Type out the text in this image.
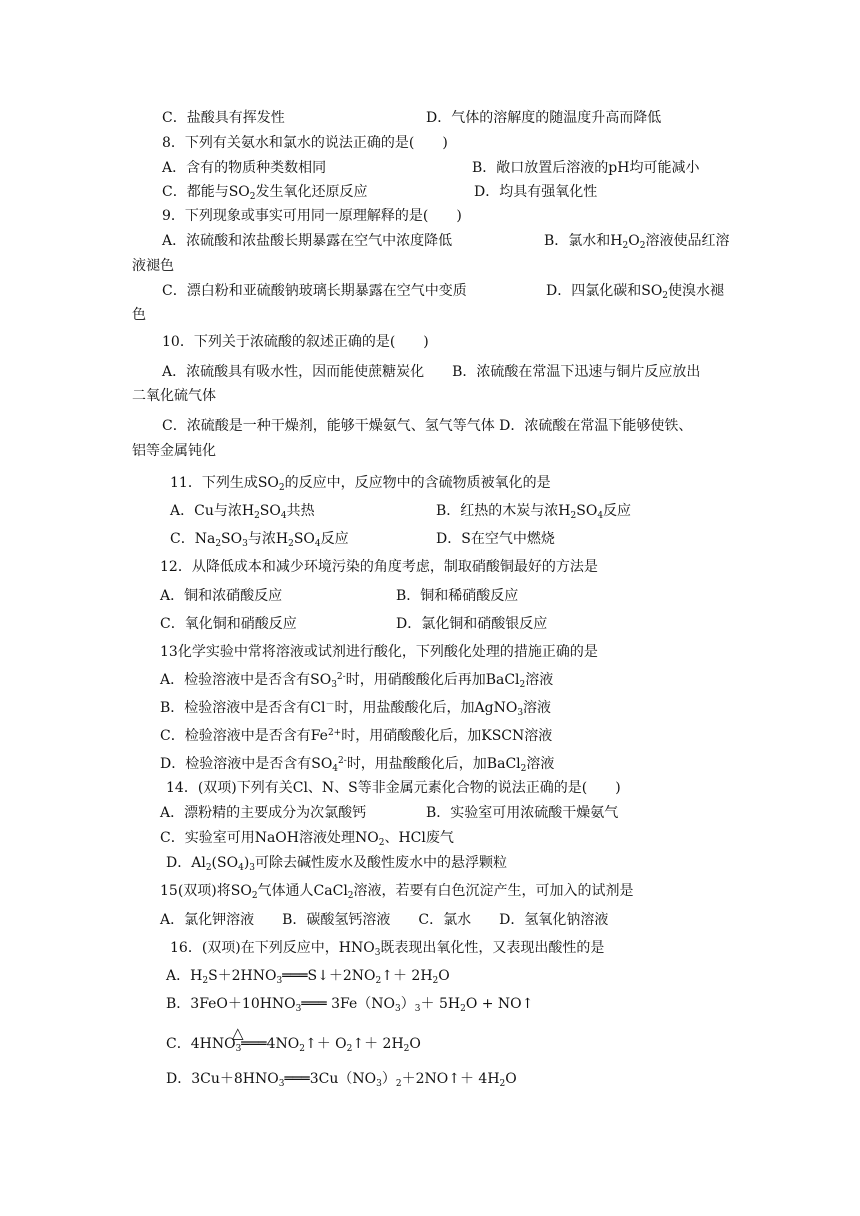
C．盐酸具有挥发性	D．气体的溶解度的随温度升高而降低
8．下列有关氨水和氯水的说法正确的是(　　)
A．含有的物质种类数相同	B．敞口放置后溶液的pH均可能减小
C．都能与$SO_2$发生氧化还原反应	D．均具有强氧化性
9．下列现象或事实可用同一原理解释的是(　　)
A．浓硫酸和浓盐酸长期暴露在空气中浓度降低	B．氯水和$H_2O_2$溶液使品红溶
液褪色
C．漂白粉和亚硫酸钠玻璃长期暴露在空气中变质	D．四氯化碳和$SO_2$使溴水褪
色
10．下列关于浓硫酸的叙述正确的是(　　)
A．浓硫酸具有吸水性，因而能使蔗糖炭化　　B．浓硫酸在常温下迅速与铜片反应放出
二氧化硫气体
C．浓硫酸是一种干燥剂，能够干燥氨气、氢气等气体 D．浓硫酸在常温下能够使铁、
铝等金属钝化
11．下列生成$SO_2$的反应中，反应物中的含硫物质被氧化的是
A．Cu与浓$H_2SO_4$共热	B．红热的木炭与浓$H_2SO_4$反应
C．$Na_2SO_3$与浓$H_2SO_4$反应	D．S在空气中燃烧
12．从降低成本和减少环境污染的角度考虑，制取硝酸铜最好的方法是
A．铜和浓硝酸反应	B．铜和稀硝酸反应
C．氧化铜和硝酸反应	D．氯化铜和硝酸银反应
13化学实验中常将溶液或试剂进行酸化，下列酸化处理的措施正确的是
A．检验溶液中是否含有$SO_3^{2-}$时，用硝酸酸化后再加BaCl$_2$溶液
B．检验溶液中是否含有Cl－时，用盐酸酸化后，加AgNO$_3$溶液
C．检验溶液中是否含有$Fe^{2+}$时，用硝酸酸化后，加KSCN溶液
D．检验溶液中是否含有$SO_4^{2-}$时，用盐酸酸化后，加BaCl$_2$溶液
14．(双项)下列有关Cl、N、S等非金属元素化合物的说法正确的是(　　)
A．漂粉精的主要成分为次氯酸钙	B．实验室可用浓硫酸干燥氨气
C．实验室可用NaOH溶液处理$NO_2$、HCl废气
D．$Al_2(SO_4)_3$可除去碱性废水及酸性废水中的悬浮颗粒
15(双项)将$SO_2$气体通人CaCl$_2$溶液，若要有白色沉淀产生，可加入的试剂是
A．氯化钾溶液　　B．碳酸氢钙溶液　　C．氯水　　D．氢氧化钠溶液
16．(双项)在下列反应中，$HNO_3$既表现出氧化性，又表现出酸性的是
A．$H_2S+2HNO_3═══S↓+2NO_2↑+ 2H_2O$
B．$3FeO+10HNO_3═══$ $3Fe(NO_3)_3+ 5H_2O$ + NO↑
△
C．$4HNO_3═══4NO_2↑+$ $O_2↑+ 2H_2O$
D．$3Cu+8HNO_3═══3Cu(NO_3)_2+2NO↑+ 4H_2O$
